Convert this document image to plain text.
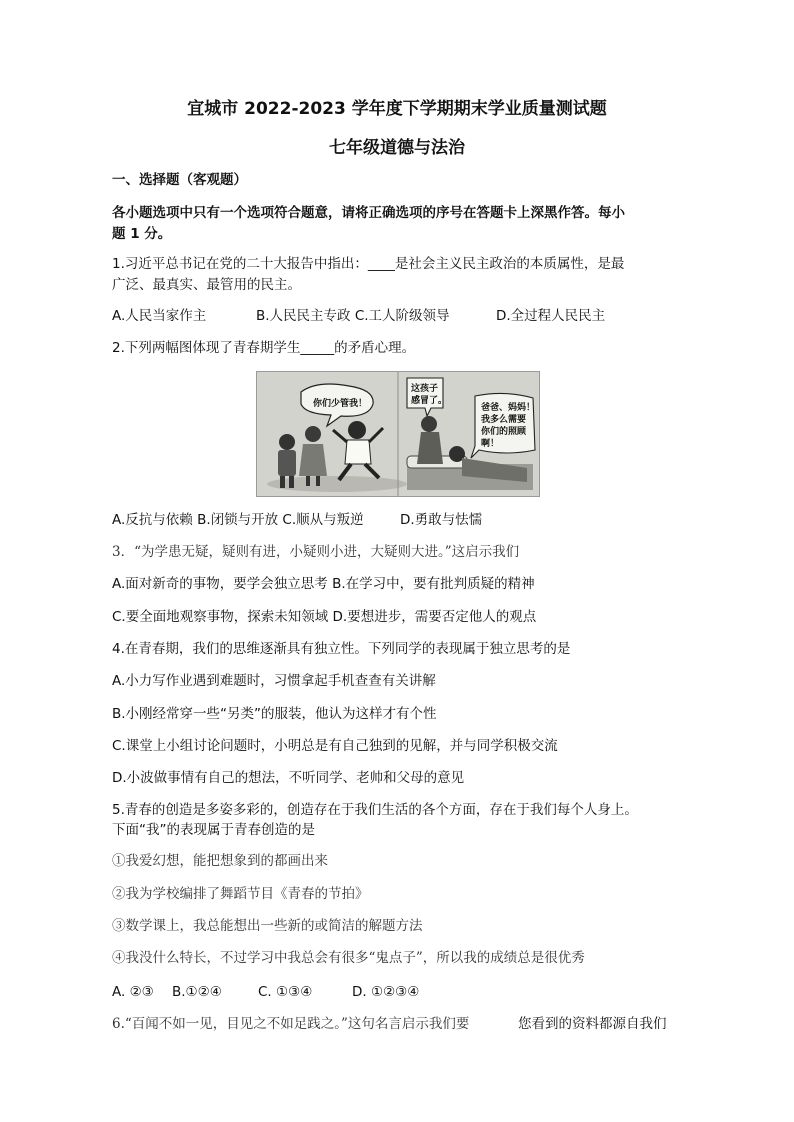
宜城市 2022-2023 学年度下学期期末学业质量测试题
七年级道德与法治
一、选择题（客观题）
各小题选项中只有一个选项符合题意，请将正确选项的序号在答题卡上深黑作答。每小
题 1 分。
1.习近平总书记在党的二十大报告中指出：____是社会主义民主政治的本质属性，是最
广泛、最真实、最管用的民主。
A.人民当家作主	B.人民民主专政 C.工人阶级领导	D.全过程人民民主
2.下列两幅图体现了青春期学生_____的矛盾心理。
你们少管我！
这孩子
感冒了。
爸爸、妈妈！
我多么需要
你们的照顾
啊！
A.反抗与依赖 B.闭锁与开放 C.顺从与叛逆	D.勇敢与怯懦
3．“为学患无疑，疑则有进，小疑则小进，大疑则大进。”这启示我们
A.面对新奇的事物，要学会独立思考 B.在学习中，要有批判质疑的精神
C.要全面地观察事物，探索未知领域 D.要想进步，需要否定他人的观点
4.在青春期，我们的思维逐渐具有独立性。下列同学的表现属于独立思考的是
A.小力写作业遇到难题时，习惯拿起手机查查有关讲解
B.小刚经常穿一些“另类”的服装，他认为这样才有个性
C.课堂上小组讨论问题时，小明总是有自己独到的见解，并与同学积极交流
D.小波做事情有自己的想法，不听同学、老帅和父母的意见
5.青春的创造是多姿多彩的，创造存在于我们生活的各个方面，存在于我们每个人身上。
下面“我”的表现属于青春创造的是
①我爱幻想，能把想象到的都画出来
②我为学校编排了舞蹈节目《青春的节拍》
③数学课上，我总能想出一些新的或简洁的解题方法
④我没什么特长，不过学习中我总会有很多“鬼点子”，所以我的成绩总是很优秀
A. ②③ B.①②④	C. ①③④	D. ①②③④
6.“百闻不如一见，目见之不如足践之。”这句名言启示我们要	您看到的资料都源自我们
